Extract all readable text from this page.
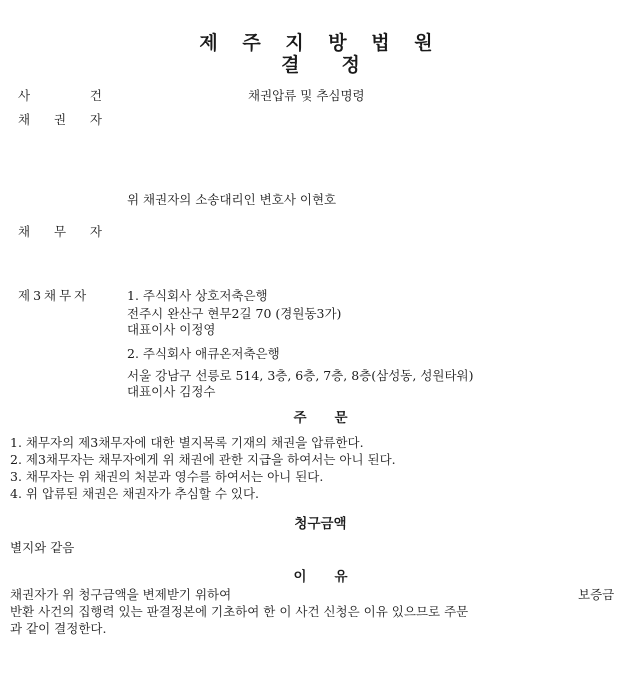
제 주 지 방 법 원
결 정
사	건	채권압류 및 추심명령
채 권 자
위 채권자의 소송대리인 변호사 이현호
채 무 자
제3채무자	1. 주식회사 상호저축은행
전주시 완산구 현무2길 70 (경원동3가)
대표이사 이정영
2. 주식회사 애큐온저축은행
서울 강남구 선릉로 514, 3층, 6층, 7층, 8층(삼성동, 성원타워)
대표이사 김정수
주 문
1. 채무자의 제3채무자에 대한 별지목록 기재의 채권을 압류한다.
2. 제3채무자는 채무자에게 위 채권에 관한 지급을 하여서는 아니 된다.
3. 채무자는 위 채권의 처분과 영수를 하여서는 아니 된다.
4. 위 압류된 채권은 채권자가 추심할 수 있다.
청구금액
별지와 같음
이 유
채권자가 위 청구금액을 변제받기 위하여	보증금
반환 사건의 집행력 있는 판결정본에 기초하여 한 이 사건 신청은 이유 있으므로 주문
과 같이 결정한다.
